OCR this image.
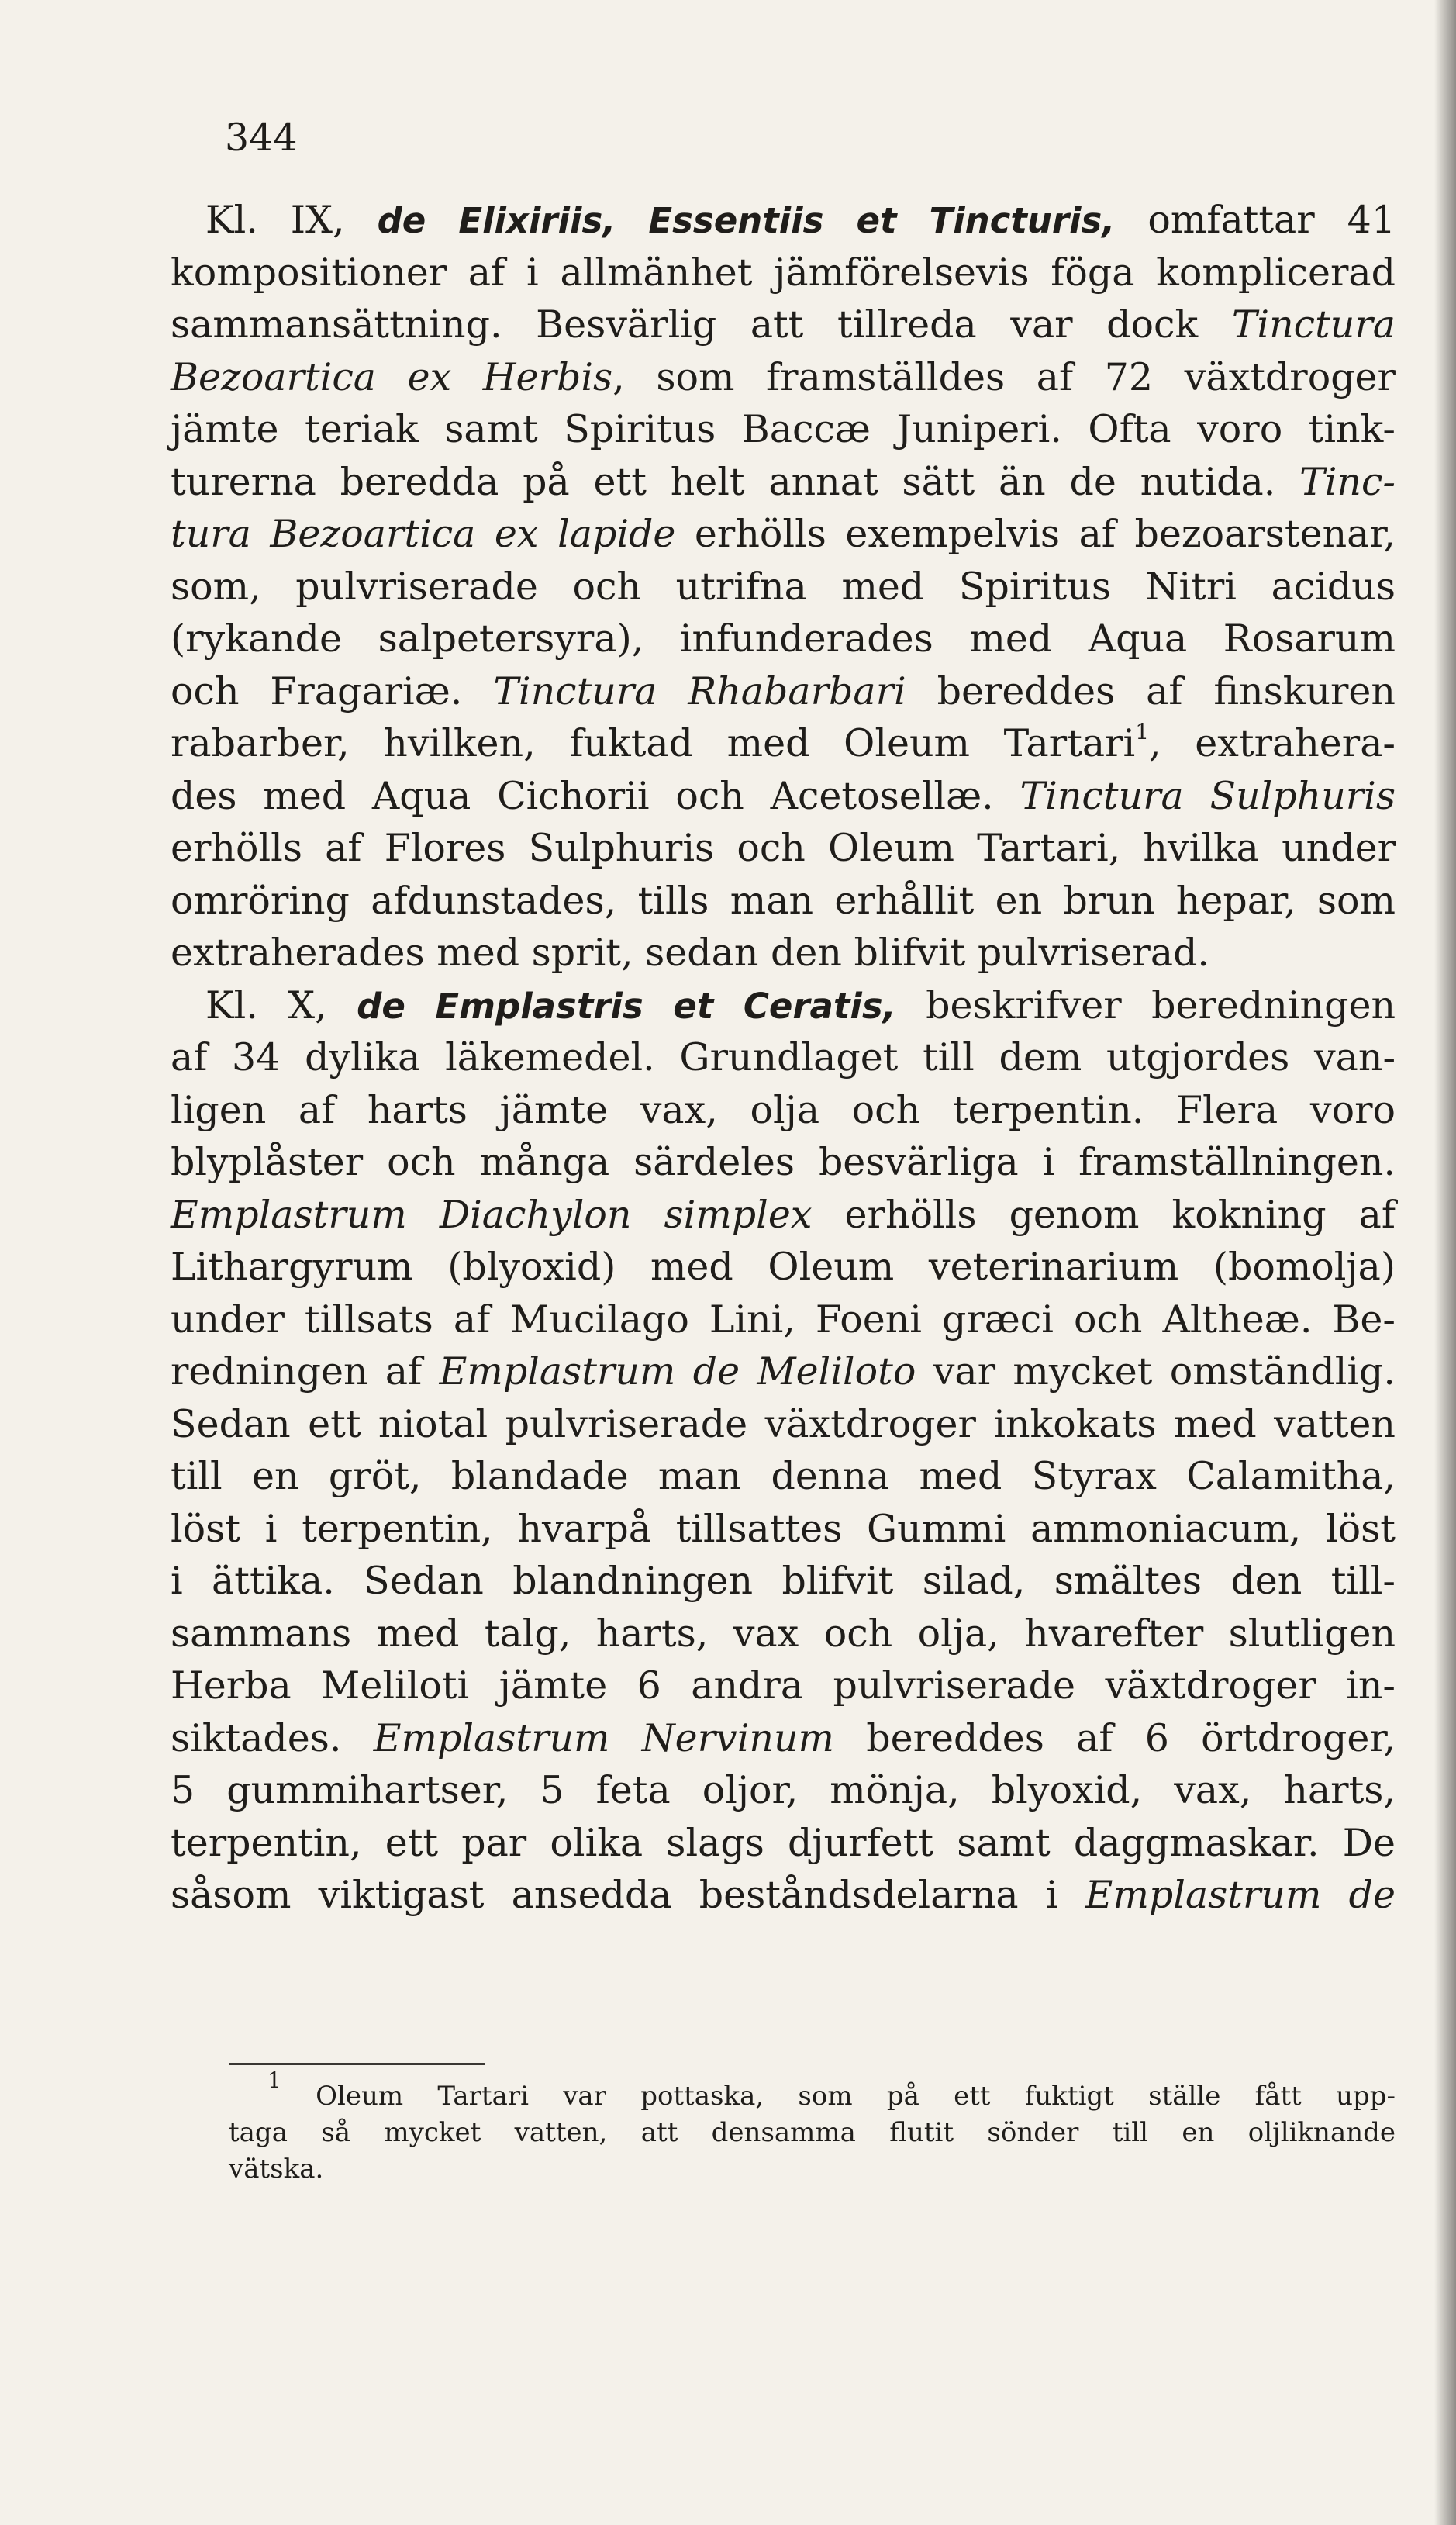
344
Kl. IX, de Elixiriis, Essentiis et Tincturis, omfattar 41
kompositioner af i allmänhet jämförelsevis föga komplicerad
sammansättning. Besvärlig att tillreda var dock Tinctura
Bezoartica ex Herbis, som framställdes af 72 växtdroger
jämte teriak samt Spiritus Baccæ Juniperi. Ofta voro tink-
turerna beredda på ett helt annat sätt än de nutida. Tinc-
tura Bezoartica ex lapide erhölls exempelvis af bezoarstenar,
som, pulvriserade och utrifna med Spiritus Nitri acidus
(rykande salpetersyra), infunderades med Aqua Rosarum
och Fragariæ. Tinctura Rhabarbari bereddes af finskuren
rabarber, hvilken, fuktad med Oleum Tartari$^1$, extrahera-
des med Aqua Cichorii och Acetosellæ. Tinctura Sulphuris
erhölls af Flores Sulphuris och Oleum Tartari, hvilka under
omröring afdunstades, tills man erhållit en brun hepar, som
extraherades med sprit, sedan den blifvit pulvriserad.
Kl. X, de Emplastris et Ceratis, beskrifver beredningen
af 34 dylika läkemedel. Grundlaget till dem utgjordes van-
ligen af harts jämte vax, olja och terpentin. Flera voro
blyplåster och många särdeles besvärliga i framställningen.
Emplastrum Diachylon simplex erhölls genom kokning af
Lithargyrum (blyoxid) med Oleum veterinarium (bomolja)
under tillsats af Mucilago Lini, Foeni græci och Altheæ. Be-
redningen af Emplastrum de Meliloto var mycket omständlig.
Sedan ett niotal pulvriserade växtdroger inkokats med vatten
till en gröt, blandade man denna med Styrax Calamitha,
löst i terpentin, hvarpå tillsattes Gummi ammoniacum, löst
i ättika. Sedan blandningen blifvit silad, smältes den till-
sammans med talg, harts, vax och olja, hvarefter slutligen
Herba Meliloti jämte 6 andra pulvriserade växtdroger in-
siktades. Emplastrum Nervinum bereddes af 6 örtdroger,
5 gummihartser, 5 feta oljor, mönja, blyoxid, vax, harts,
terpentin, ett par olika slags djurfett samt daggmaskar. De
såsom viktigast ansedda beståndsdelarna i Emplastrum de
$^1$ Oleum Tartari var pottaska, som på ett fuktigt ställe fått upp-
taga så mycket vatten, att densamma flutit sönder till en oljliknande
vätska.
